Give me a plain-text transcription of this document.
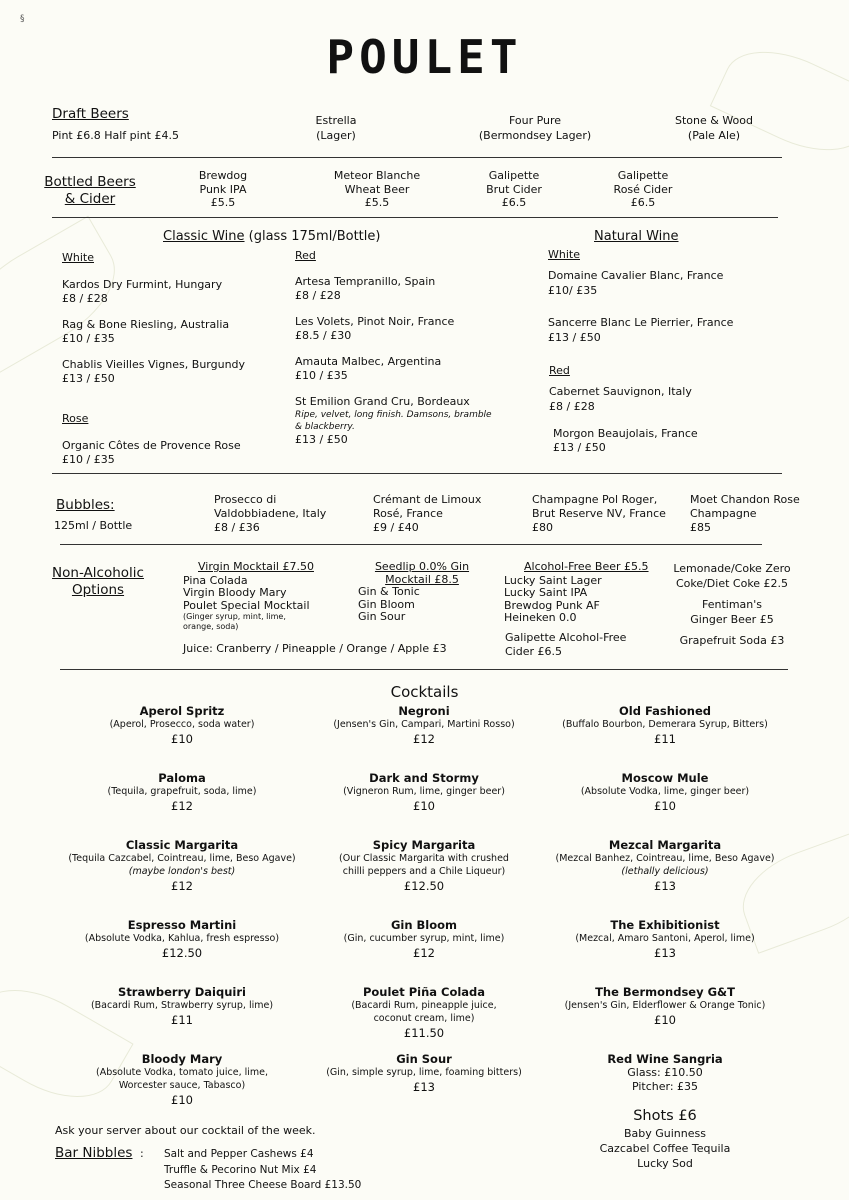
§
POULET
Draft Beers
Pint £6.8 Half pint £4.5
Estrella
(Lager)
Four Pure
(Bermondsey Lager)
Stone & Wood
(Pale Ale)
Bottled Beers
& Cider
Brewdog
Punk IPA
£5.5
Meteor Blanche
Wheat Beer
£5.5
Galipette
Brut Cider
£6.5
Galipette
Rosé Cider
£6.5
Classic Wine (glass 175ml/Bottle)
White
Kardos Dry Furmint, Hungary
£8 / £28
Rag & Bone Riesling, Australia
£10 / £35
Chablis Vieilles Vignes, Burgundy
£13 / £50
Rose
Organic Côtes de Provence Rose
£10 / £35
Red
Artesa Tempranillo, Spain
£8 / £28
Les Volets, Pinot Noir, France
£8.5 / £30
Amauta Malbec, Argentina
£10 / £35
St Emilion Grand Cru, Bordeaux
Ripe, velvet, long finish. Damsons, bramble
& blackberry.
£13 / £50
Natural Wine
White
Domaine Cavalier Blanc, France
£10/ £35
Sancerre Blanc Le Pierrier, France
£13 / £50
Red
Cabernet Sauvignon, Italy
£8 / £28
Morgon Beaujolais, France
£13 / £50
Bubbles:
125ml / Bottle
Prosecco di
Valdobbiadene, Italy
£8 / £36
Crémant de Limoux
Rosé, France
£9 / £40
Champagne Pol Roger,
Brut Reserve NV, France
£80
Moet Chandon Rose
Champagne
£85
Non-Alcoholic
Options
Virgin Mocktail £7.50
Pina Colada
Virgin Bloody Mary
Poulet Special Mocktail
(Ginger syrup, mint, lime,
orange, soda)
Seedlip 0.0% Gin
Mocktail £8.5
Gin & Tonic
Gin Bloom
Gin Sour
Alcohol-Free Beer £5.5
Lucky Saint Lager
Lucky Saint IPA
Brewdog Punk AF
Heineken 0.0
Galipette Alcohol-Free
Cider £6.5
Lemonade/Coke Zero
Coke/Diet Coke £2.5
Fentiman's
Ginger Beer £5
Grapefruit Soda £3
Juice: Cranberry / Pineapple / Orange / Apple £3
Cocktails
Aperol Spritz
(Aperol, Prosecco, soda water)
£10
Negroni
(Jensen's Gin, Campari, Martini Rosso)
£12
Old Fashioned
(Buffalo Bourbon, Demerara Syrup, Bitters)
£11
Paloma
(Tequila, grapefruit, soda, lime)
£12
Dark and Stormy
(Vigneron Rum, lime, ginger beer)
£10
Moscow Mule
(Absolute Vodka, lime, ginger beer)
£10
Classic Margarita
(Tequila Cazcabel, Cointreau, lime, Beso Agave)
(maybe london's best)
£12
Spicy Margarita
(Our Classic Margarita with crushed
chilli peppers and a Chile Liqueur)
£12.50
Mezcal Margarita
(Mezcal Banhez, Cointreau, lime, Beso Agave)
(lethally delicious)
£13
Espresso Martini
(Absolute Vodka, Kahlua, fresh espresso)
£12.50
Gin Bloom
(Gin, cucumber syrup, mint, lime)
£12
The Exhibitionist
(Mezcal, Amaro Santoni, Aperol, lime)
£13
Strawberry Daiquiri
(Bacardi Rum, Strawberry syrup, lime)
£11
Poulet Piña Colada
(Bacardi Rum, pineapple juice,
coconut cream, lime)
£11.50
The Bermondsey G&T
(Jensen's Gin, Elderflower & Orange Tonic)
£10
Bloody Mary
(Absolute Vodka, tomato juice, lime,
Worcester sauce, Tabasco)
£10
Gin Sour
(Gin, simple syrup, lime, foaming bitters)
£13
Red Wine Sangria
Glass: £10.50
Pitcher: £35
Shots £6
Baby Guinness
Cazcabel Coffee Tequila
Lucky Sod
Ask your server about our cocktail of the week.
Bar Nibbles : Salt and Pepper Cashews £4
Truffle & Pecorino Nut Mix £4
Seasonal Three Cheese Board £13.50
